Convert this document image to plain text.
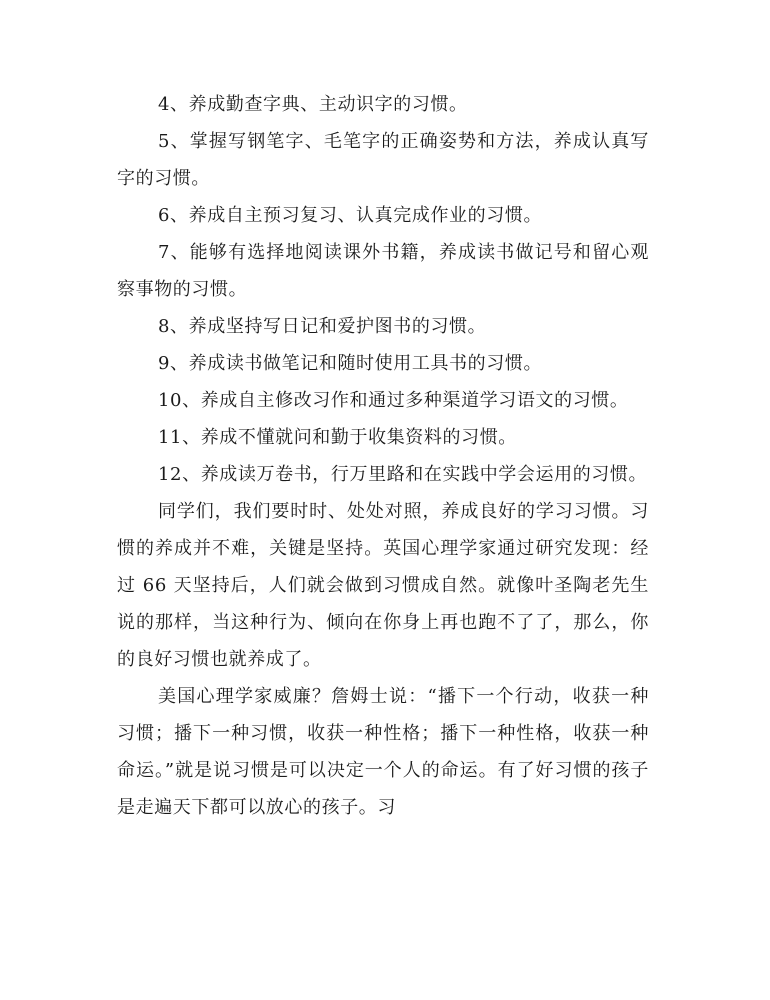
4、养成勤查字典、主动识字的习惯。

5、掌握写钢笔字、毛笔字的正确姿势和方法，养成认真写字的习惯。

6、养成自主预习复习、认真完成作业的习惯。

7、能够有选择地阅读课外书籍，养成读书做记号和留心观察事物的习惯。

8、养成坚持写日记和爱护图书的习惯。

9、养成读书做笔记和随时使用工具书的习惯。

10、养成自主修改习作和通过多种渠道学习语文的习惯。

11、养成不懂就问和勤于收集资料的习惯。

12、养成读万卷书，行万里路和在实践中学会运用的习惯。

同学们，我们要时时、处处对照，养成良好的学习习惯。习惯的养成并不难，关键是坚持。英国心理学家通过研究发现：经过 66 天坚持后，人们就会做到习惯成自然。就像叶圣陶老先生说的那样，当这种行为、倾向在你身上再也跑不了了，那么，你的良好习惯也就养成了。

美国心理学家威廉？詹姆士说：“播下一个行动，收获一种习惯；播下一种习惯，收获一种性格；播下一种性格，收获一种命运。”就是说习惯是可以决定一个人的命运。有了好习惯的孩子是走遍天下都可以放心的孩子。习
